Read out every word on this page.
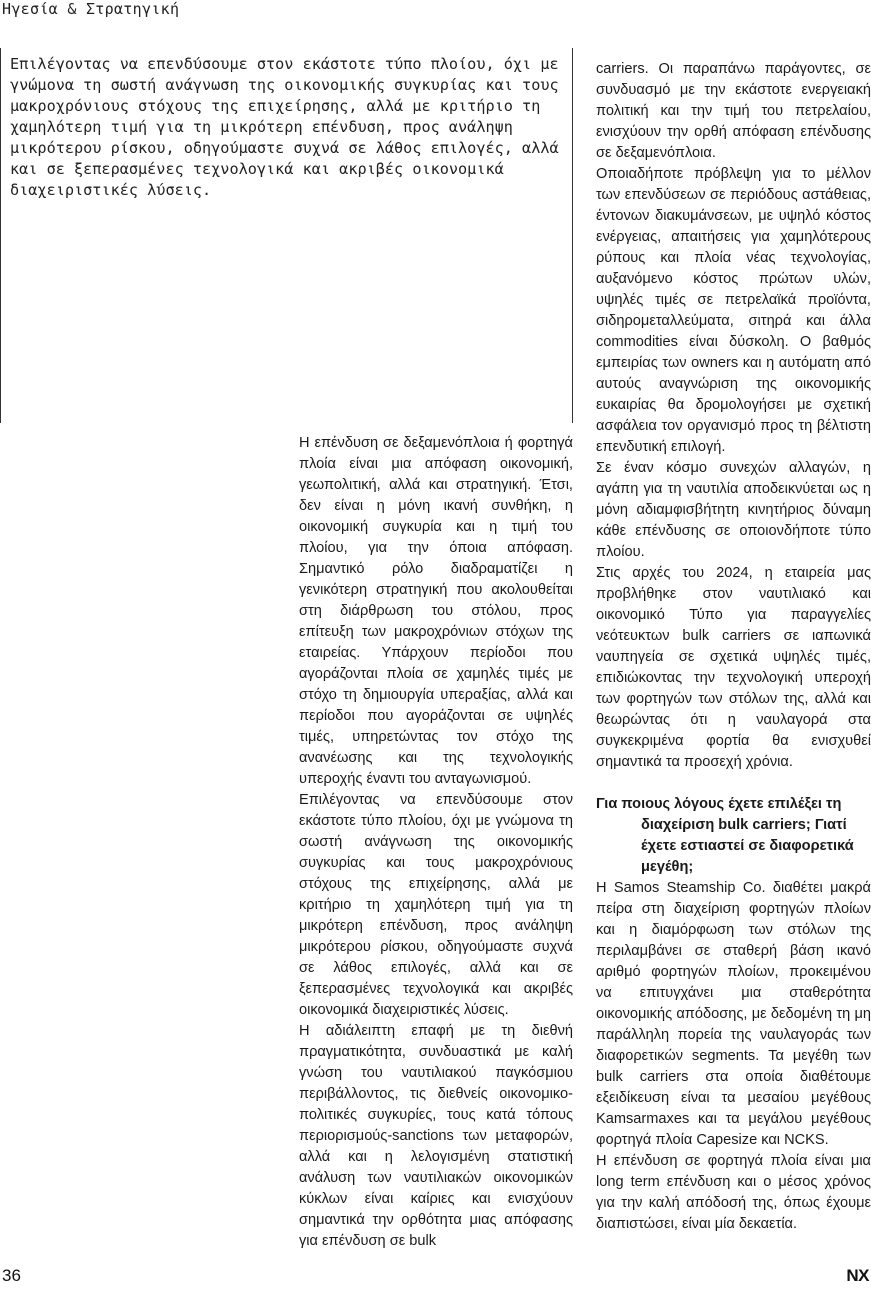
Ηγεσία & Στρατηγική
Επιλέγοντας να επενδύσουμε στον εκάστοτε τύπο πλοίου, όχι με γνώμονα τη σωστή ανάγνωση της οικονομικής συγκυρίας και τους μακροχρόνιους στόχους της επιχείρησης, αλλά με κριτήριο τη χαμηλότερη τιμή για τη μικρότερη επένδυση, προς ανάληψη μικρότερου ρίσκου, οδηγούμαστε συχνά σε λάθος επιλογές, αλλά και σε ξεπερασμένες τεχνολογικά και ακριβές οικονομικά διαχειριστικές λύσεις.

Η επένδυση σε δεξαμενόπλοια ή φορτηγά πλοία είναι μια απόφαση οικονομική, γεωπολιτική, αλλά και στρατηγική. Έτσι, δεν είναι η μόνη ικανή συνθήκη, η οικονομική συγκυρία και η τιμή του πλοίου, για την όποια απόφαση. Σημαντικό ρόλο διαδραματίζει η γενικότερη στρατηγική που ακολουθείται στη διάρθρωση του στόλου, προς επίτευξη των μακροχρόνιων στόχων της εταιρείας. Υπάρχουν περίοδοι που αγοράζονται πλοία σε χαμηλές τιμές με στόχο τη δημιουργία υπεραξίας, αλλά και περίοδοι που αγοράζονται σε υψηλές τιμές, υπηρετώντας τον στόχο της ανανέωσης και της τεχνολογικής υπεροχής έναντι του ανταγωνισμού.

Επιλέγοντας να επενδύσουμε στον εκάστοτε τύπο πλοίου, όχι με γνώμονα τη σωστή ανάγνωση της οικονομικής συγκυρίας και τους μακροχρόνιους στόχους της επιχείρησης, αλλά με κριτήριο τη χαμηλότερη τιμή για τη μικρότερη επένδυση, προς ανάληψη μικρότερου ρίσκου, οδηγούμαστε συχνά σε λάθος επιλογές, αλλά και σε ξεπερασμένες τεχνολογικά και ακριβές οικονομικά διαχειριστικές λύσεις.

Η αδιάλειπτη επαφή με τη διεθνή πραγματικότητα, συνδυαστικά με καλή γνώση του ναυτιλιακού παγκόσμιου περιβάλλοντος, τις διεθνείς οικονομικο-πολιτικές συγκυρίες, τους κατά τόπους περιορισμούς-sanctions των μεταφορών, αλλά και η λελογισμένη στατιστική ανάλυση των ναυτιλιακών οικονομικών κύκλων είναι καίριες και ενισχύουν σημαντικά την ορθότητα μιας απόφασης για επένδυση σε bulk

carriers. Οι παραπάνω παράγοντες, σε συνδυασμό με την εκάστοτε ενεργειακή πολιτική και την τιμή του πετρελαίου, ενισχύουν την ορθή απόφαση επένδυσης σε δεξαμενόπλοια.

Οποιαδήποτε πρόβλεψη για το μέλλον των επενδύσεων σε περιόδους αστάθειας, έντονων διακυμάνσεων, με υψηλό κόστος ενέργειας, απαιτήσεις για χαμηλότερους ρύπους και πλοία νέας τεχνολογίας, αυξανόμενο κόστος πρώτων υλών, υψηλές τιμές σε πετρελαϊκά προϊόντα, σιδηρομεταλλεύματα, σιτηρά και άλλα commodities είναι δύσκολη. Ο βαθμός εμπειρίας των owners και η αυτόματη από αυτούς αναγνώριση της οικονομικής ευκαιρίας θα δρομολογήσει με σχετική ασφάλεια τον οργανισμό προς τη βέλτιστη επενδυτική επιλογή.

Σε έναν κόσμο συνεχών αλλαγών, η αγάπη για τη ναυτιλία αποδεικνύεται ως η μόνη αδιαμφισβήτητη κινητήριος δύναμη κάθε επένδυσης σε οποιονδήποτε τύπο πλοίου.

Στις αρχές του 2024, η εταιρεία μας προβλήθηκε στον ναυτιλιακό και οικονομικό Τύπο για παραγγελίες νεότευκτων bulk carriers σε ιαπωνικά ναυπηγεία σε σχετικά υψηλές τιμές, επιδιώκοντας την τεχνολογική υπεροχή των φορτηγών των στόλων της, αλλά και θεωρώντας ότι η ναυλαγορά στα συγκεκριμένα φορτία θα ενισχυθεί σημαντικά τα προσεχή χρόνια.

Για ποιους λόγους έχετε επιλέξει τη
διαχείριση bulk carriers; Γιατί έχετε εστιαστεί σε διαφορετικά μεγέθη;

Η Samos Steamship Co. διαθέτει μακρά πείρα στη διαχείριση φορτηγών πλοίων και η διαμόρφωση των στόλων της περιλαμβάνει σε σταθερή βάση ικανό αριθμό φορτηγών πλοίων, προκειμένου να επιτυγχάνει μια σταθερότητα οικονομικής απόδοσης, με δεδομένη τη μη παράλληλη πορεία της ναυλαγοράς των διαφορετικών segments. Τα μεγέθη των bulk carriers στα οποία διαθέτουμε εξειδίκευση είναι τα μεσαίου μεγέθους Kamsarmaxes και τα μεγάλου μεγέθους φορτηγά πλοία Capesize και NCKS.

Η επένδυση σε φορτηγά πλοία είναι μια long term επένδυση και ο μέσος χρόνος για την καλή απόδοσή της, όπως έχουμε διαπιστώσει, είναι μία δεκαετία.

36	NX
